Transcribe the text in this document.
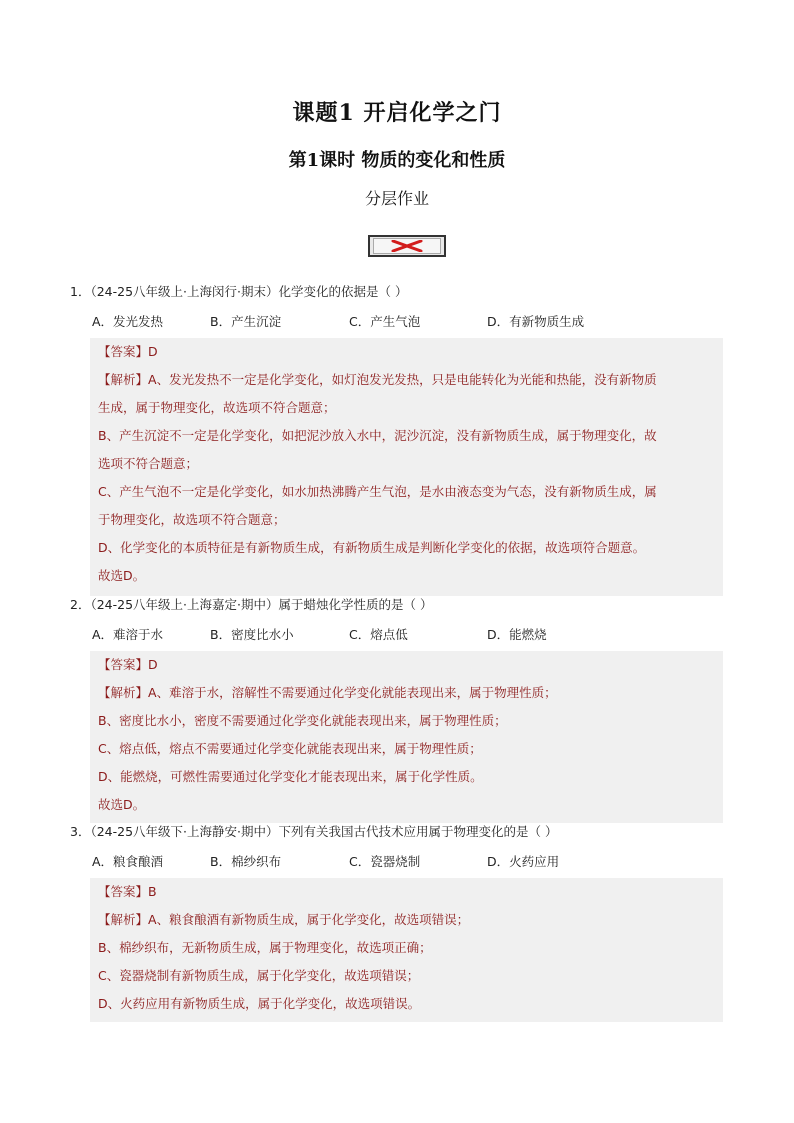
课题1 开启化学之门
第1课时 物质的变化和性质
分层作业
1．（24-25八年级上·上海闵行·期末）化学变化的依据是（ ）
A．发光发热	B．产生沉淀	C．产生气泡	D．有新物质生成
【答案】D
【解析】A、发光发热不一定是化学变化，如灯泡发光发热，只是电能转化为光能和热能，没有新物质
生成，属于物理变化，故选项不符合题意；
B、产生沉淀不一定是化学变化，如把泥沙放入水中，泥沙沉淀，没有新物质生成，属于物理变化，故
选项不符合题意；
C、产生气泡不一定是化学变化，如水加热沸腾产生气泡，是水由液态变为气态，没有新物质生成，属
于物理变化，故选项不符合题意；
D、化学变化的本质特征是有新物质生成，有新物质生成是判断化学变化的依据，故选项符合题意。
故选D。
2．（24-25八年级上·上海嘉定·期中）属于蜡烛化学性质的是（ ）
A．难溶于水	B．密度比水小	C．熔点低	D．能燃烧
【答案】D
【解析】A、难溶于水，溶解性不需要通过化学变化就能表现出来，属于物理性质；
B、密度比水小，密度不需要通过化学变化就能表现出来，属于物理性质；
C、熔点低，熔点不需要通过化学变化就能表现出来，属于物理性质；
D、能燃烧，可燃性需要通过化学变化才能表现出来，属于化学性质。
故选D。
3．（24-25八年级下·上海静安·期中）下列有关我国古代技术应用属于物理变化的是（ ）
A．粮食酿酒	B．棉纱织布	C．瓷器烧制	D．火药应用
【答案】B
【解析】A、粮食酿酒有新物质生成，属于化学变化，故选项错误；
B、棉纱织布，无新物质生成，属于物理变化，故选项正确；
C、瓷器烧制有新物质生成，属于化学变化，故选项错误；
D、火药应用有新物质生成，属于化学变化，故选项错误。
